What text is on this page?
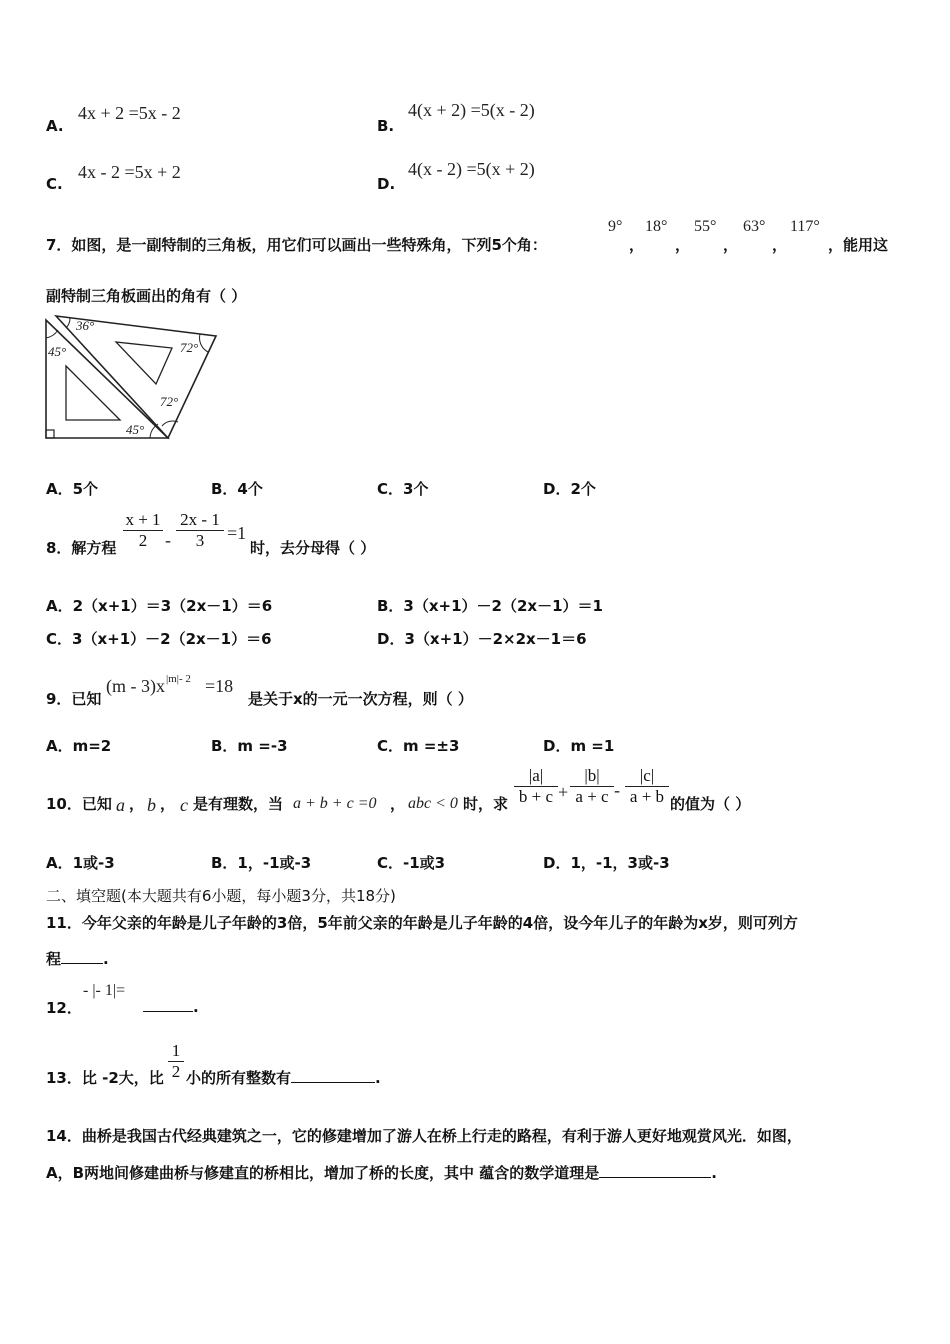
A.
4x + 2 =5x - 2
B.
4(x + 2) =5(x - 2)
C.
4x - 2 =5x + 2
D.
4(x - 2) =5(x + 2)
7．如图，是一副特制的三角板，用它们可以画出一些特殊角，下列5个角：
9°
，
18°
，
55°
，
63°
，
117°
，能用这
副特制三角板画出的角有（ ）
36°
72°
45°
72°
45°
A．5个	B．4个	C．3个	D．2个
8．解方程
x + 1
2 -
2x - 1
3	=1
时，去分母得（ ）
A．2（x+1）＝3（2x－1）＝6	B．3（x+1）－2（2x－1）＝1
C．3（x+1）－2（2x－1）＝6	D．3（x+1）－2×2x－1＝6
9．已知
(m - 3)x |m|- 2 =18
是关于x的一元一次方程，则（ ）
A．m=2	B．m =-3	C．m =±3	D．m =1
10．已知 a ， b ， c 是有理数，当 a + b + c =0 ， abc < 0 时，求
|a|
b + c +
|b|
a + c -
|c|
a + b 的值为（ ）
A．1或-3	B．1，-1或-3	C．-1或3	D．1，-1，3或-3
二、填空题(本大题共有6小题，每小题3分，共18分)
11．今年父亲的年龄是儿子年龄的3倍，5年前父亲的年龄是儿子年龄的4倍，设今年儿子的年龄为x岁，则可列方
程	.
12．
- |- 1|=
.
13．比 -2大，比
1
2 小的所有整数有	.
14．曲桥是我国古代经典建筑之一，它的修建增加了游人在桥上行走的路程，有利于游人更好地观赏风光．如图，
A，B两地间修建曲桥与修建直的桥相比，增加了桥的长度，其中 蕴含的数学道理是	.
